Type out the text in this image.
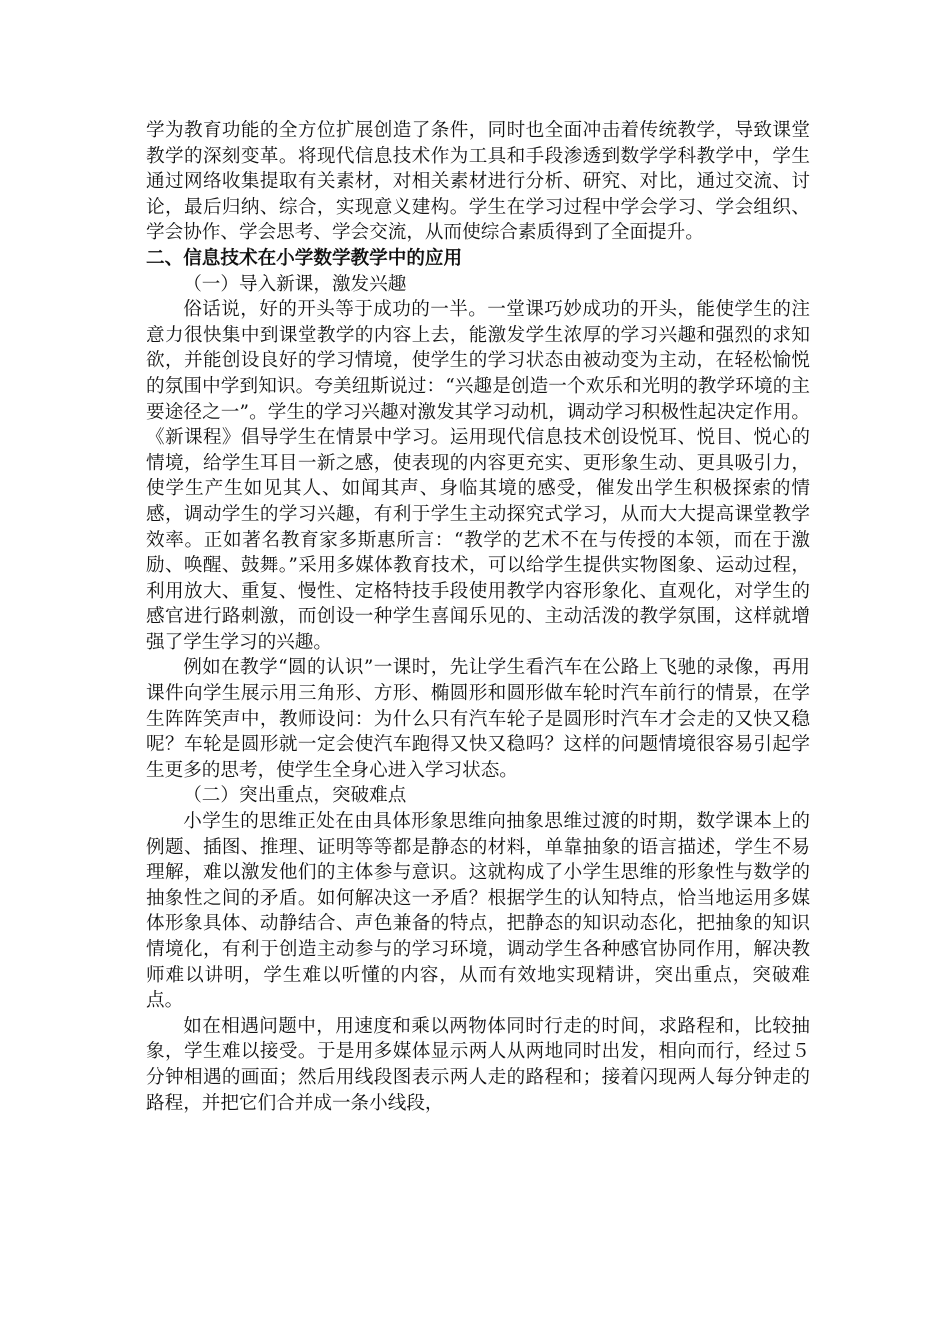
学为教育功能的全方位扩展创造了条件，同时也全面冲击着传统教学，导致课堂教学的深刻变革。将现代信息技术作为工具和手段渗透到数学学科教学中，学生通过网络收集提取有关素材，对相关素材进行分析、研究、对比，通过交流、讨论，最后归纳、综合，实现意义建构。学生在学习过程中学会学习、学会组织、学会协作、学会思考、学会交流，从而使综合素质得到了全面提升。

二、信息技术在小学数学教学中的应用

（一）导入新课，激发兴趣

俗话说，好的开头等于成功的一半。一堂课巧妙成功的开头，能使学生的注意力很快集中到课堂教学的内容上去，能激发学生浓厚的学习兴趣和强烈的求知欲，并能创设良好的学习情境，使学生的学习状态由被动变为主动，在轻松愉悦的氛围中学到知识。夸美纽斯说过：“兴趣是创造一个欢乐和光明的教学环境的主要途径之一”。学生的学习兴趣对激发其学习动机，调动学习积极性起决定作用。《新课程》倡导学生在情景中学习。运用现代信息技术创设悦耳、悦目、悦心的情境，给学生耳目一新之感，使表现的内容更充实、更形象生动、更具吸引力，使学生产生如见其人、如闻其声、身临其境的感受，催发出学生积极探索的情感，调动学生的学习兴趣，有利于学生主动探究式学习，从而大大提高课堂教学效率。正如著名教育家多斯惠所言：“教学的艺术不在与传授的本领，而在于激励、唤醒、鼓舞。”采用多媒体教育技术，可以给学生提供实物图象、运动过程，利用放大、重复、慢性、定格特技手段使用教学内容形象化、直观化，对学生的感官进行路刺激，而创设一种学生喜闻乐见的、主动活泼的教学氛围，这样就增强了学生学习的兴趣。

例如在教学“圆的认识”一课时，先让学生看汽车在公路上飞驰的录像，再用课件向学生展示用三角形、方形、椭圆形和圆形做车轮时汽车前行的情景，在学生阵阵笑声中，教师设问：为什么只有汽车轮子是圆形时汽车才会走的又快又稳呢？车轮是圆形就一定会使汽车跑得又快又稳吗？这样的问题情境很容易引起学生更多的思考，使学生全身心进入学习状态。

（二）突出重点，突破难点

小学生的思维正处在由具体形象思维向抽象思维过渡的时期，数学课本上的例题、插图、推理、证明等等都是静态的材料，单靠抽象的语言描述，学生不易理解，难以激发他们的主体参与意识。这就构成了小学生思维的形象性与数学的抽象性之间的矛盾。如何解决这一矛盾？根据学生的认知特点，恰当地运用多媒体形象具体、动静结合、声色兼备的特点，把静态的知识动态化，把抽象的知识情境化，有利于创造主动参与的学习环境，调动学生各种感官协同作用，解决教师难以讲明，学生难以听懂的内容，从而有效地实现精讲，突出重点，突破难点。

如在相遇问题中，用速度和乘以两物体同时行走的时间，求路程和，比较抽象，学生难以接受。于是用多媒体显示两人从两地同时出发，相向而行，经过５分钟相遇的画面；然后用线段图表示两人走的路程和；接着闪现两人每分钟走的路程，并把它们合并成一条小线段，
